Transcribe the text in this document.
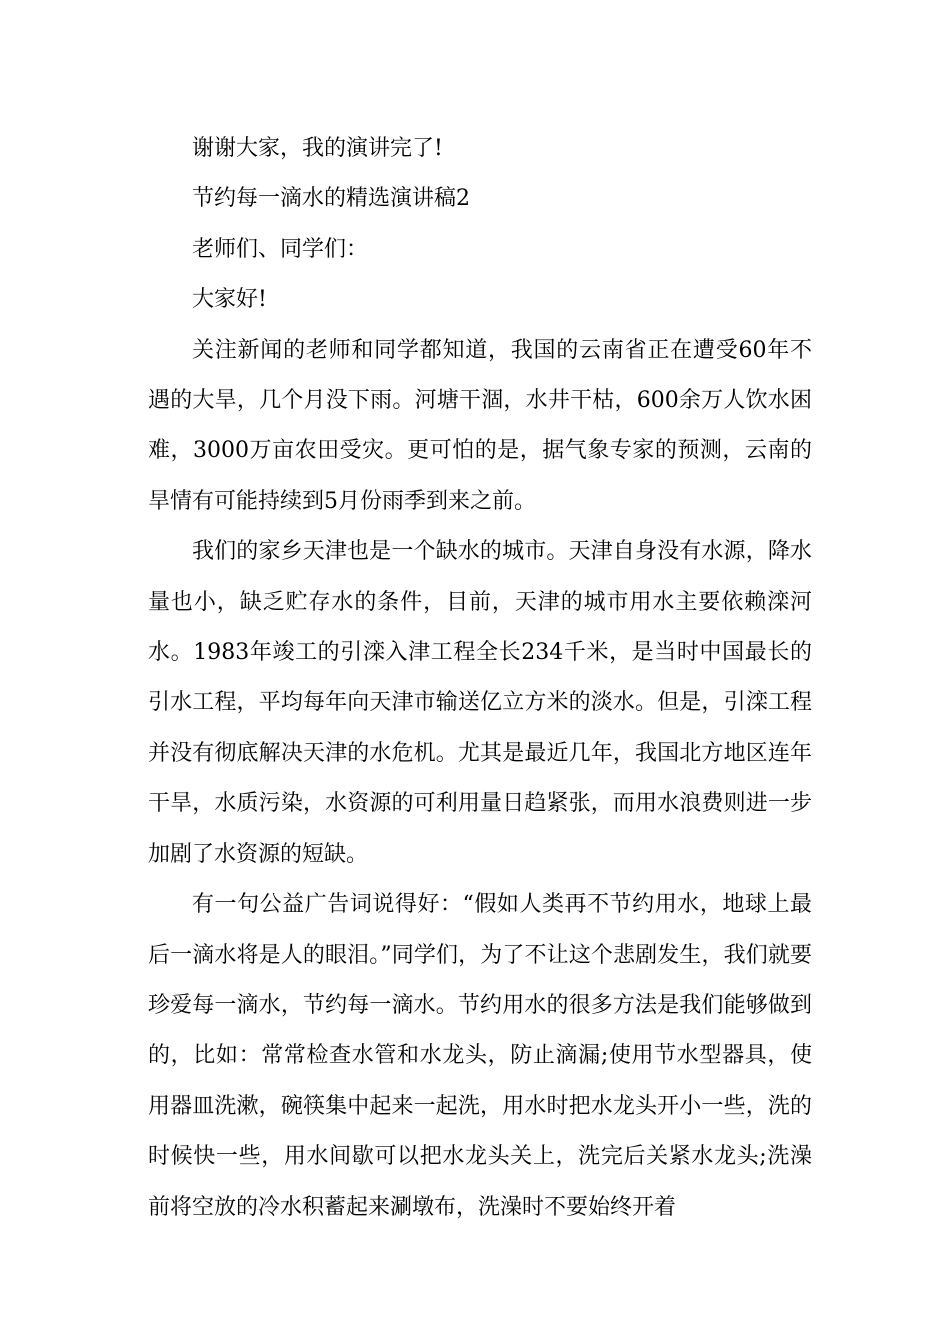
谢谢大家，我的演讲完了!

节约每一滴水的精选演讲稿2

老师们、同学们：

大家好!

关注新闻的老师和同学都知道，我国的云南省正在遭受60年不遇的大旱，几个月没下雨。河塘干涸，水井干枯，600余万人饮水困难，3000万亩农田受灾。更可怕的是，据气象专家的预测，云南的旱情有可能持续到5月份雨季到来之前。

我们的家乡天津也是一个缺水的城市。天津自身没有水源，降水量也小，缺乏贮存水的条件，目前，天津的城市用水主要依赖滦河水。1983年竣工的引滦入津工程全长234千米，是当时中国最长的引水工程，平均每年向天津市输送亿立方米的淡水。但是，引滦工程并没有彻底解决天津的水危机。尤其是最近几年，我国北方地区连年干旱，水质污染，水资源的可利用量日趋紧张，而用水浪费则进一步加剧了水资源的短缺。

有一句公益广告词说得好：“假如人类再不节约用水，地球上最后一滴水将是人的眼泪。”同学们，为了不让这个悲剧发生，我们就要珍爱每一滴水，节约每一滴水。节约用水的很多方法是我们能够做到的，比如：常常检查水管和水龙头，防止滴漏;使用节水型器具，使用器皿洗漱，碗筷集中起来一起洗，用水时把水龙头开小一些，洗的时候快一些，用水间歇可以把水龙头关上，洗完后关紧水龙头;洗澡前将空放的冷水积蓄起来涮墩布，洗澡时不要始终开着
